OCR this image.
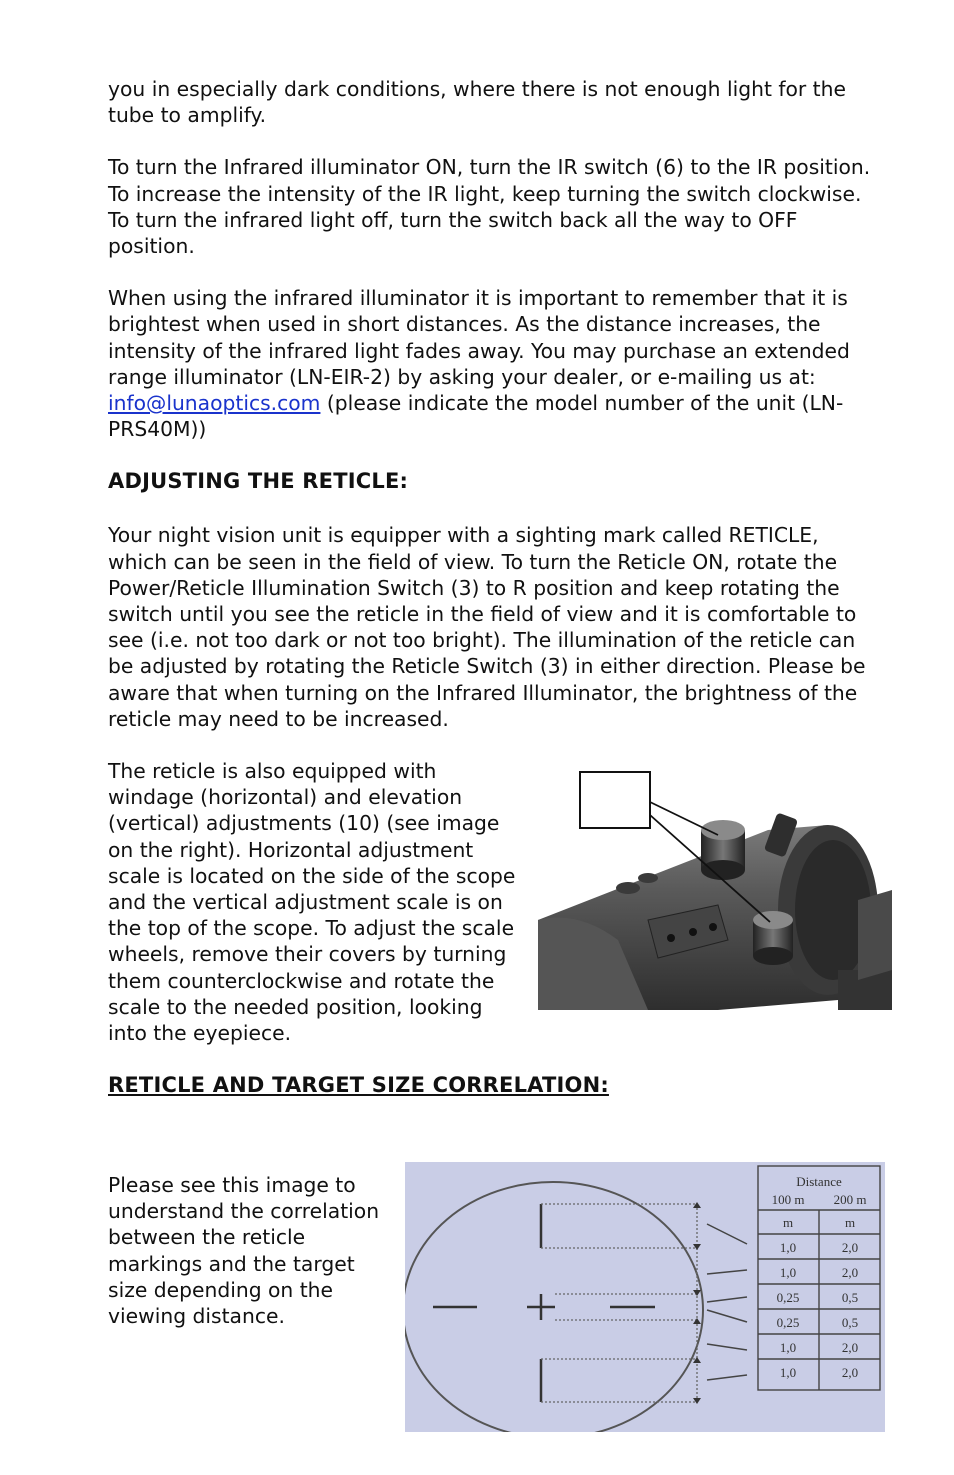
you in especially dark conditions, where there is not enough light for the tube to amplify.

To turn the Infrared illuminator ON, turn the IR switch (6) to the IR position. To increase the intensity of the IR light, keep turning the switch clockwise. To turn the infrared light off, turn the switch back all the way to OFF position.

When using the infrared illuminator it is important to remember that it is brightest when used in short distances. As the distance increases, the intensity of the infrared light fades away. You may purchase an extended range illuminator (LN-EIR-2) by asking your dealer, or e-mailing us at: info@lunaoptics.com (please indicate the model number of the unit (LN-PRS40M))

ADJUSTING THE RETICLE:

Your night vision unit is equipper with a sighting mark called RETICLE, which can be seen in the field of view. To turn the Reticle ON, rotate the Power/Reticle Illumination Switch (3) to R position and keep rotating the switch until you see the reticle in the field of view and it is comfortable to see (i.e. not too dark or not too bright). The illumination of the reticle can be adjusted by rotating the Reticle Switch (3) in either direction. Please be aware that when turning on the Infrared Illuminator, the brightness of the reticle may need to be increased.

The reticle is also equipped with windage (horizontal) and elevation (vertical) adjustments (10) (see image on the right). Horizontal adjustment scale is located on the side of the scope and the vertical adjustment scale is on the top of the scope. To adjust the scale wheels, remove their covers by turning them counterclockwise and rotate the scale to the needed position, looking into the eyepiece.

RETICLE AND TARGET SIZE CORRELATION:
Please see this image to understand the correlation between the reticle markings and the target size depending on the viewing distance.
Distance
100 m 200 m
m	m
1,0	2,0
1,0	2,0
0,25	0,5
0,25	0,5
1,0	2,0
1,0	2,0
